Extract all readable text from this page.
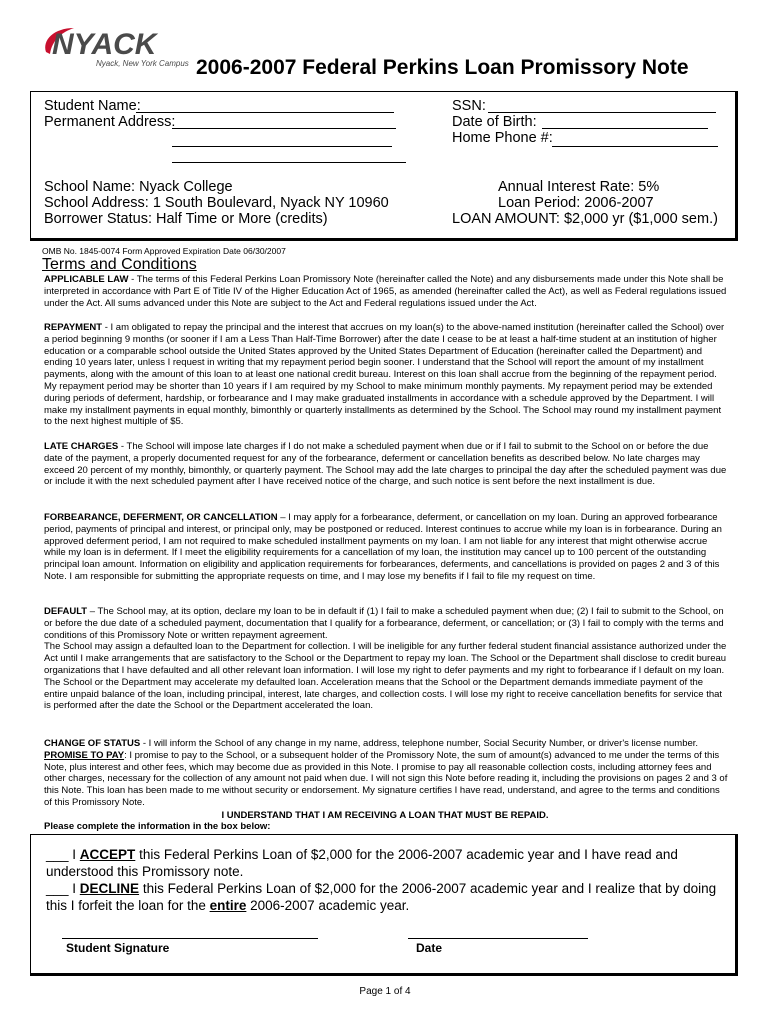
NYACK
Nyack, New York Campus 2006-2007 Federal Perkins Loan Promissory Note
Student Name:
Permanent Address:
SSN:
Date of Birth:
Home Phone #:
School Name: Nyack College
School Address: 1 South Boulevard, Nyack NY 10960
Borrower Status: Half Time or More (credits)
Annual Interest Rate: 5%
Loan Period: 2006-2007
LOAN AMOUNT: $2,000 yr ($1,000 sem.)
OMB No. 1845-0074 Form Approved Expiration Date 06/30/2007
Terms and Conditions
APPLICABLE LAW - The terms of this Federal Perkins Loan Promissory Note (hereinafter called the Note) and any disbursements made under this Note shall be interpreted in accordance with Part E of Title IV of the Higher Education Act of 1965, as amended (hereinafter called the Act), as well as Federal regulations issued under the Act. All sums advanced under this Note are subject to the Act and Federal regulations issued under the Act.
REPAYMENT - I am obligated to repay the principal and the interest that accrues on my loan(s) to the above-named institution (hereinafter called the School) over a period beginning 9 months (or sooner if I am a Less Than Half-Time Borrower) after the date I cease to be at least a half-time student at an institution of higher education or a comparable school outside the United States approved by the United States Department of Education (hereinafter called the Department) and ending 10 years later, unless I request in writing that my repayment period begin sooner. I understand that the School will report the amount of my installment payments, along with the amount of this loan to at least one national credit bureau. Interest on this loan shall accrue from the beginning of the repayment period. My repayment period may be shorter than 10 years if I am required by my School to make minimum monthly payments. My repayment period may be extended during periods of deferment, hardship, or forbearance and I may make graduated installments in accordance with a schedule approved by the Department. I will make my installment payments in equal monthly, bimonthly or quarterly installments as determined by the School. The School may round my installment payment to the next highest multiple of $5.
LATE CHARGES - The School will impose late charges if I do not make a scheduled payment when due or if I fail to submit to the School on or before the due date of the payment, a properly documented request for any of the forbearance, deferment or cancellation benefits as described below. No late charges may exceed 20 percent of my monthly, bimonthly, or quarterly payment. The School may add the late charges to principal the day after the scheduled payment was due or include it with the next scheduled payment after I have received notice of the charge, and such notice is sent before the next installment is due.
FORBEARANCE, DEFERMENT, OR CANCELLATION – I may apply for a forbearance, deferment, or cancellation on my loan. During an approved forbearance period, payments of principal and interest, or principal only, may be postponed or reduced. Interest continues to accrue while my loan is in forbearance. During an approved deferment period, I am not required to make scheduled installment payments on my loan. I am not liable for any interest that might otherwise accrue while my loan is in deferment. If I meet the eligibility requirements for a cancellation of my loan, the institution may cancel up to 100 percent of the outstanding principal loan amount. Information on eligibility and application requirements for forbearances, deferments, and cancellations is provided on pages 2 and 3 of this Note. I am responsible for submitting the appropriate requests on time, and I may lose my benefits if I fail to file my request on time.
DEFAULT – The School may, at its option, declare my loan to be in default if (1) I fail to make a scheduled payment when due; (2) I fail to submit to the School, on or before the due date of a scheduled payment, documentation that I qualify for a forbearance, deferment, or cancellation; or (3) I fail to comply with the terms and conditions of this Promissory Note or written repayment agreement.
The School may assign a defaulted loan to the Department for collection. I will be ineligible for any further federal student financial assistance authorized under the Act until I make arrangements that are satisfactory to the School or the Department to repay my loan. The School or the Department shall disclose to credit bureau organizations that I have defaulted and all other relevant loan information. I will lose my right to defer payments and my right to forbearance if I default on my loan. The School or the Department may accelerate my defaulted loan. Acceleration means that the School or the Department demands immediate payment of the entire unpaid balance of the loan, including principal, interest, late charges, and collection costs. I will lose my right to receive cancellation benefits for service that is performed after the date the School or the Department accelerated the loan.
CHANGE OF STATUS - I will inform the School of any change in my name, address, telephone number, Social Security Number, or driver's license number.
PROMISE TO PAY: I promise to pay to the School, or a subsequent holder of the Promissory Note, the sum of amount(s) advanced to me under the terms of this Note, plus interest and other fees, which may become due as provided in this Note. I promise to pay all reasonable collection costs, including attorney fees and other charges, necessary for the collection of any amount not paid when due. I will not sign this Note before reading it, including the provisions on pages 2 and 3 of this Note. This loan has been made to me without security or endorsement. My signature certifies I have read, understand, and agree to the terms and conditions of this Promissory Note.
I UNDERSTAND THAT I AM RECEIVING A LOAN THAT MUST BE REPAID.
Please complete the information in the box below:
___ I ACCEPT this Federal Perkins Loan of $2,000 for the 2006-2007 academic year and I have read and understood this Promissory note.
___ I DECLINE this Federal Perkins Loan of $2,000 for the 2006-2007 academic year and I realize that by doing this I forfeit the loan for the entire 2006-2007 academic year.
Student Signature	Date
Page 1 of 4
